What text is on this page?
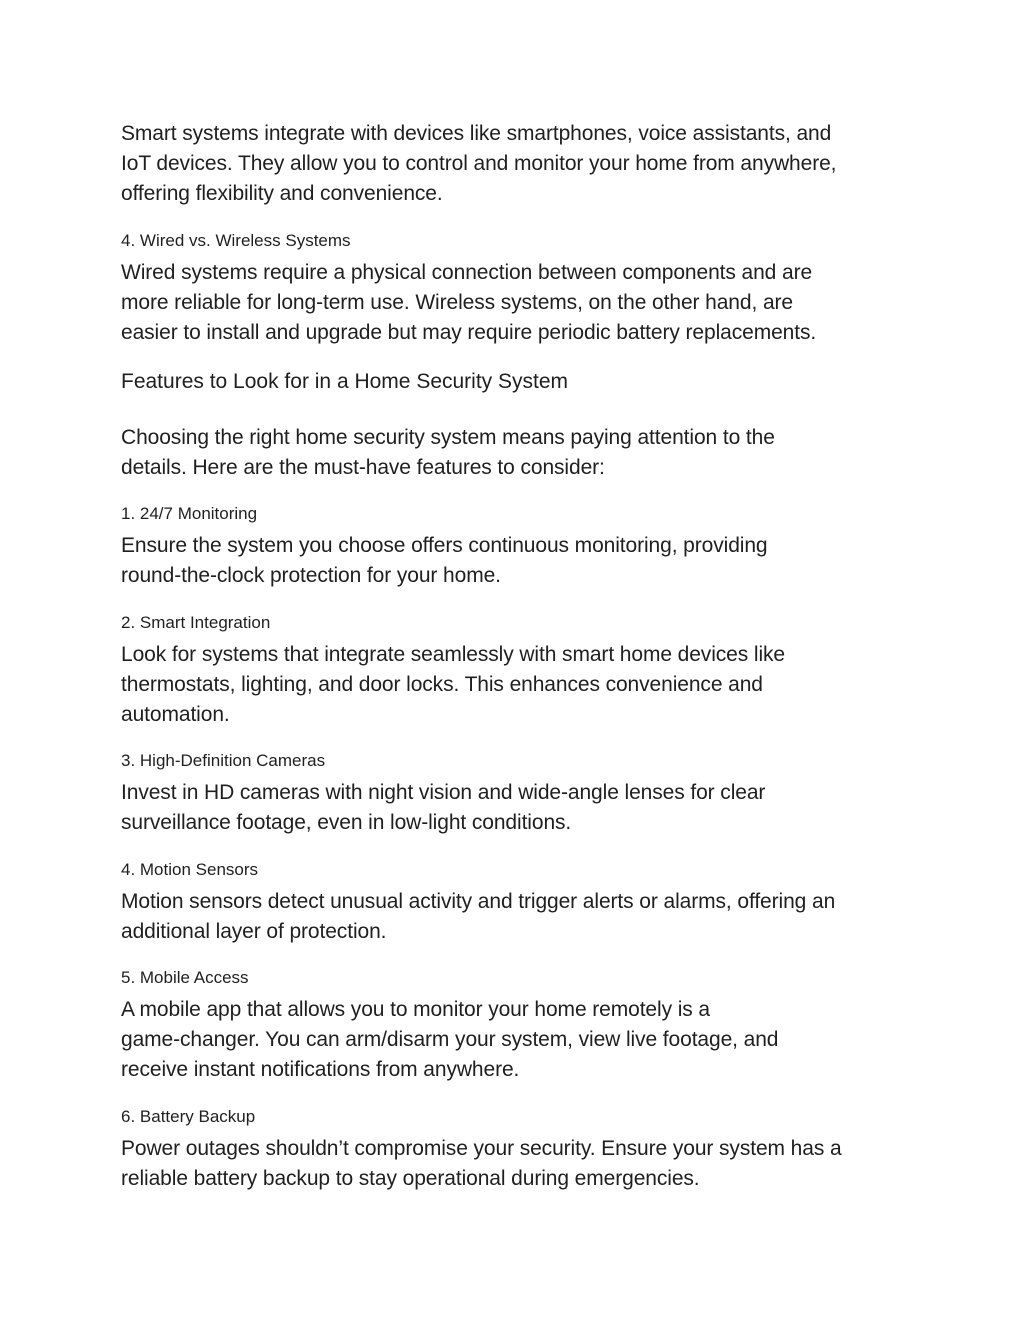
Smart systems integrate with devices like smartphones, voice assistants, and
IoT devices. They allow you to control and monitor your home from anywhere,
offering flexibility and convenience.

4. Wired vs. Wireless Systems

Wired systems require a physical connection between components and are
more reliable for long-term use. Wireless systems, on the other hand, are
easier to install and upgrade but may require periodic battery replacements.

Features to Look for in a Home Security System

Choosing the right home security system means paying attention to the
details. Here are the must-have features to consider:

1. 24/7 Monitoring

Ensure the system you choose offers continuous monitoring, providing
round-the-clock protection for your home.

2. Smart Integration

Look for systems that integrate seamlessly with smart home devices like
thermostats, lighting, and door locks. This enhances convenience and
automation.

3. High-Definition Cameras

Invest in HD cameras with night vision and wide-angle lenses for clear
surveillance footage, even in low-light conditions.

4. Motion Sensors

Motion sensors detect unusual activity and trigger alerts or alarms, offering an
additional layer of protection.

5. Mobile Access

A mobile app that allows you to monitor your home remotely is a
game-changer. You can arm/disarm your system, view live footage, and
receive instant notifications from anywhere.

6. Battery Backup

Power outages shouldn’t compromise your security. Ensure your system has a
reliable battery backup to stay operational during emergencies.
